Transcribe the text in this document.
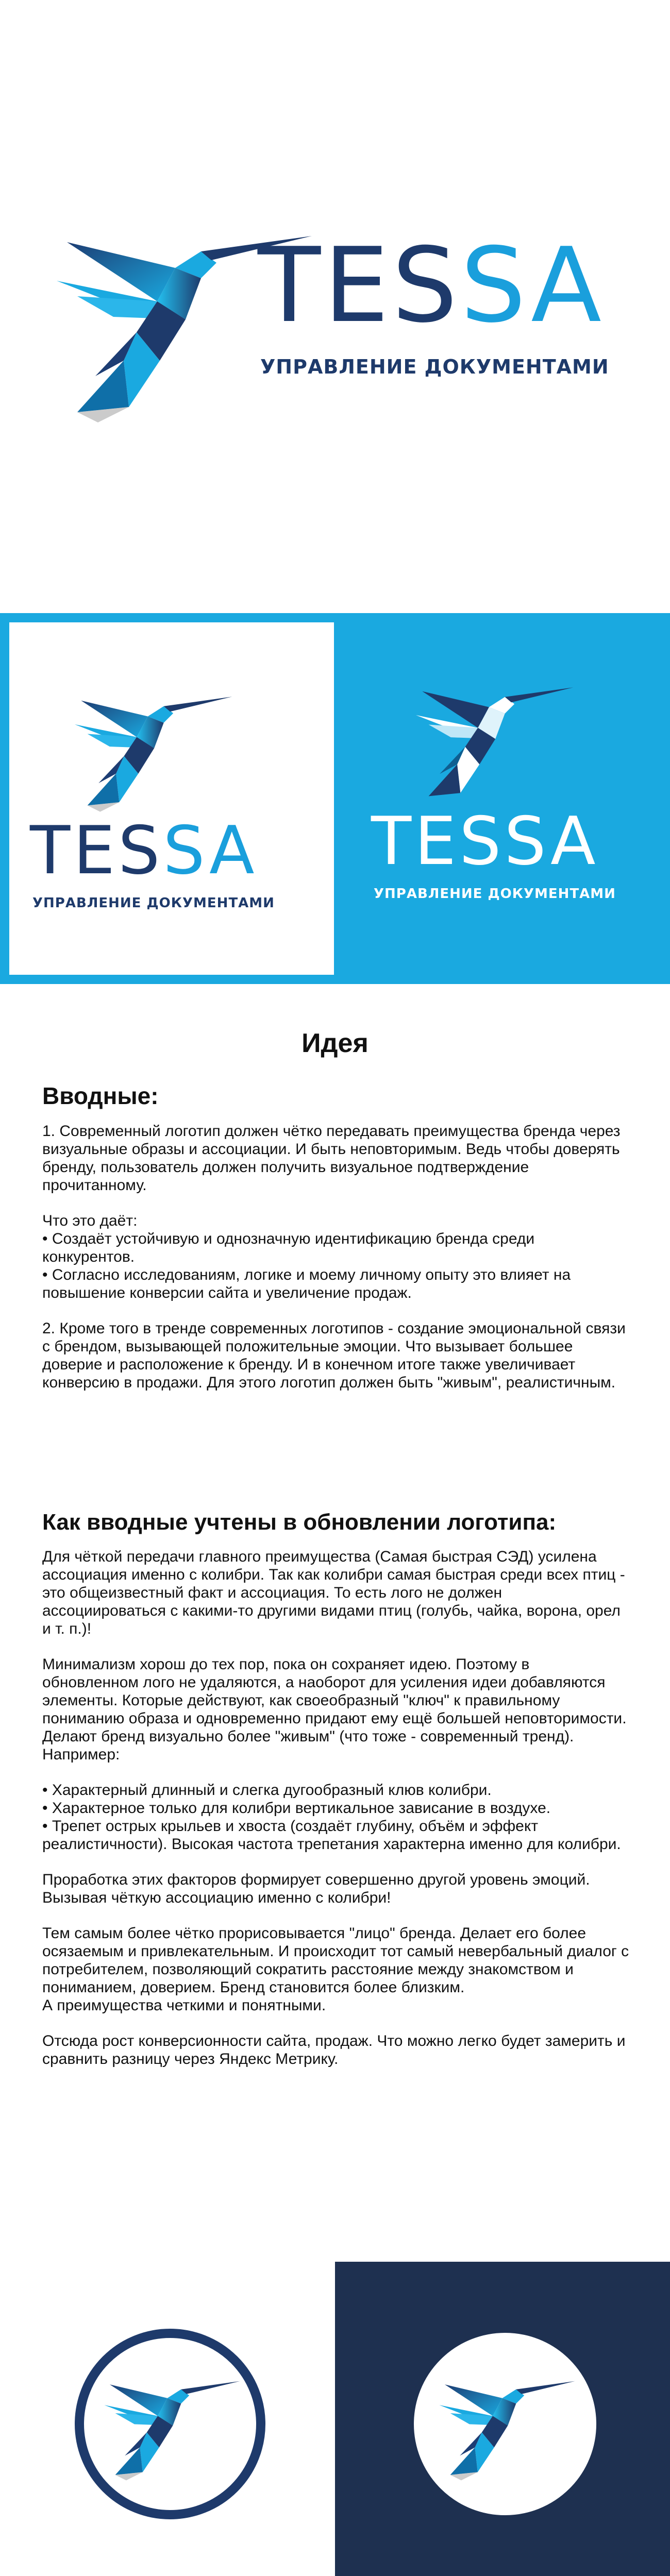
TESSA
УПРАВЛЕНИЕ ДОКУМЕНТАМИ
TESSA
УПРАВЛЕНИЕ ДОКУМЕНТАМИ
TESSA
УПРАВЛЕНИЕ ДОКУМЕНТАМИ
Идея
Вводные:

1. Современный логотип должен чётко передавать преимущества бренда через визуальные образы и ассоциации. И быть неповторимым. Ведь чтобы доверять бренду, пользователь должен получить визуальное подтверждение прочитанному.

Что это даёт:
• Создаёт устойчивую и однозначную идентификацию бренда среди конкурентов.
• Согласно исследованиям, логике и моему личному опыту это влияет на повышение конверсии сайта и увеличение продаж.

2. Кроме того в тренде современных логотипов - создание эмоциональной связи с брендом, вызывающей положительные эмоции. Что вызывает большее доверие и расположение к бренду. И в конечном итоге также увеличивает конверсию в продажи. Для этого логотип должен быть "живым", реалистичным.

Как вводные учтены в обновлении логотипа:

Для чёткой передачи главного преимущества (Самая быстрая СЭД) усилена ассоциация именно с колибри. Так как колибри самая быстрая среди всех птиц - это общеизвестный факт и ассоциация. То есть лого не должен ассоциироваться с какими-то другими видами птиц (голубь, чайка, ворона, орел и т. п.)!

Минимализм хорош до тех пор, пока он сохраняет идею. Поэтому в обновленном лого не удаляются, а наоборот для усиления идеи добавляются элементы. Которые действуют, как своеобразный "ключ" к правильному пониманию образа и одновременно придают ему ещё большей неповторимости. Делают бренд визуально более "живым" (что тоже - современный тренд). Например:

• Характерный длинный и слегка дугообразный клюв колибри.
• Характерное только для колибри вертикальное зависание в воздухе.
• Трепет острых крыльев и хвоста (создаёт глубину, объём и эффект реалистичности). Высокая частота трепетания характерна именно для колибри.

Проработка этих факторов формирует совершенно другой уровень эмоций. Вызывая чёткую ассоциацию именно с колибри!

Тем самым более чётко прорисовывается "лицо" бренда. Делает его более осязаемым и привлекательным. И происходит тот самый невербальный диалог с потребителем, позволяющий сократить расстояние между знакомством и пониманием, доверием. Бренд становится более близким.
А преимущества четкими и понятными.

Отсюда рост конверсионности сайта, продаж. Что можно легко будет замерить и сравнить разницу через Яндекс Метрику.
